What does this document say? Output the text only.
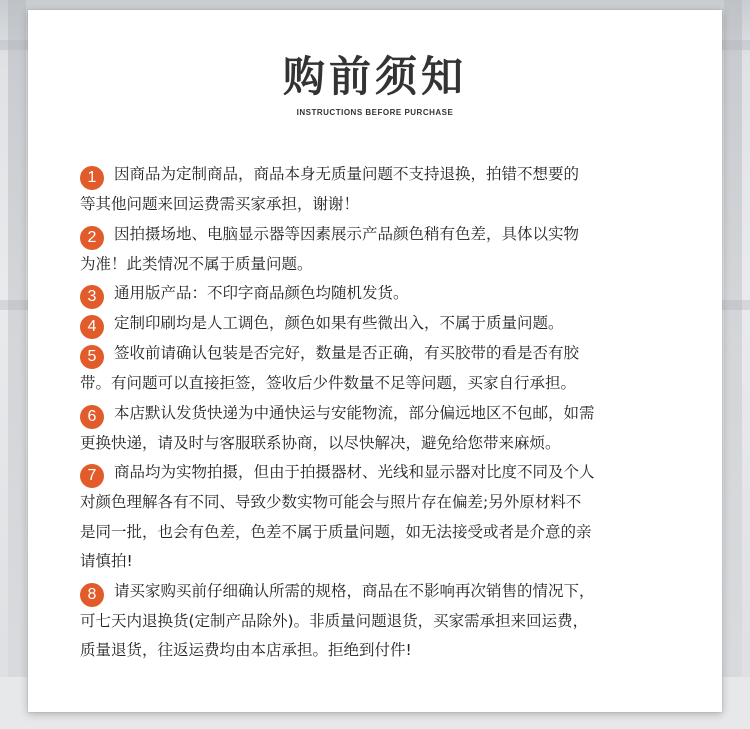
购前须知
INSTRUCTIONS BEFORE PURCHASE
1 因商品为定制商品，商品本身无质量问题不支持退换，拍错不想要的
等其他问题来回运费需买家承担，谢谢！
2 因拍摄场地、电脑显示器等因素展示产品颜色稍有色差，具体以实物
为准！此类情况不属于质量问题。
3 通用版产品：不印字商品颜色均随机发货。
4 定制印刷均是人工调色，颜色如果有些微出入，不属于质量问题。
5 签收前请确认包装是否完好，数量是否正确，有买胶带的看是否有胶
带。有问题可以直接拒签，签收后少件数量不足等问题，买家自行承担。
6 本店默认发货快递为中通快运与安能物流，部分偏远地区不包邮，如需
更换快递，请及时与客服联系协商，以尽快解决，避免给您带来麻烦。
7 商品均为实物拍摄，但由于拍摄器材、光线和显示器对比度不同及个人
对颜色理解各有不同、导致少数实物可能会与照片存在偏差;另外原材料不
是同一批，也会有色差，色差不属于质量问题，如无法接受或者是介意的亲
请慎拍!
8 请买家购买前仔细确认所需的规格，商品在不影响再次销售的情况下，
可七天内退换货(定制产品除外)。非质量问题退货，买家需承担来回运费，
质量退货，往返运费均由本店承担。拒绝到付件!
